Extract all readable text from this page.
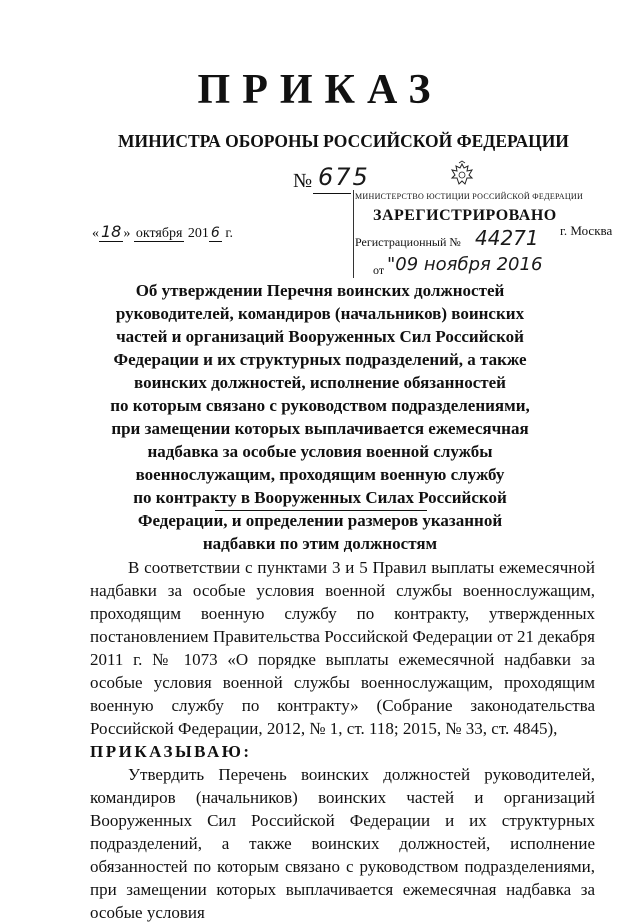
ПРИКАЗ
МИНИСТРА ОБОРОНЫ РОССИЙСКОЙ ФЕДЕРАЦИИ
№ 675
« 18 » октября 201 6 г.	г. Москва
МИНИСТЕРСТВО ЮСТИЦИИ РОССИЙСКОЙ ФЕДЕРАЦИИ
ЗАРЕГИСТРИРОВАНО
Регистрационный № 44271
от "09 ноября 2016
Об утверждении Перечня воинских должностей
руководителей, командиров (начальников) воинских
частей и организаций Вооруженных Сил Российской
Федерации и их структурных подразделений, а также
воинских должностей, исполнение обязанностей
по которым связано с руководством подразделениями,
при замещении которых выплачивается ежемесячная
надбавка за особые условия военной службы
военнослужащим, проходящим военную службу
по контракту в Вооруженных Силах Российской
Федерации, и определении размеров указанной
надбавки по этим должностям

В соответствии с пунктами 3 и 5 Правил выплаты ежемесячной надбавки за особые условия военной службы военнослужащим, проходящим военную службу по контракту, утвержденных постановлением Правительства Российской Федерации от 21 декабря 2011 г. № 1073 «О порядке выплаты ежемесячной надбавки за особые условия военной службы военнослужащим, проходящим военную службу по контракту» (Собрание законодательства Российской Федерации, 2012, № 1, ст. 118; 2015, № 33, ст. 4845),

ПРИКАЗЫВАЮ:

Утвердить Перечень воинских должностей руководителей, командиров (начальников) воинских частей и организаций Вооруженных Сил Российской Федерации и их структурных подразделений, а также воинских должностей, исполнение обязанностей по которым связано с руководством подразделениями, при замещении которых выплачивается ежемесячная надбавка за особые условия
